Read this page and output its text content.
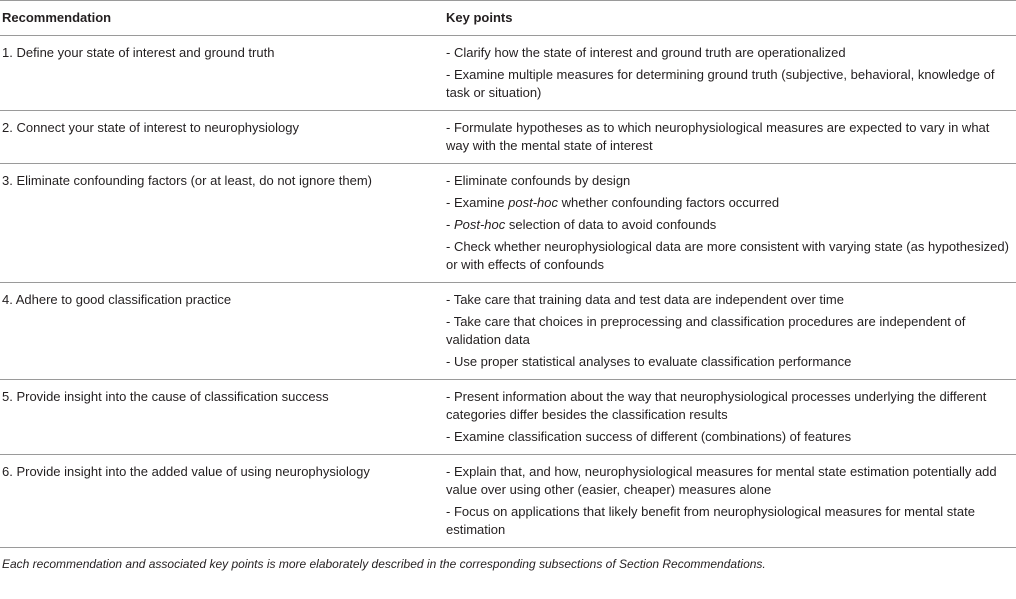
Recommendation	Key points
1. Define your state of interest and ground truth	- Clarify how the state of interest and ground truth are operationalized
- Examine multiple measures for determining ground truth (subjective, behavioral, knowledge of task or situation)

2. Connect your state of interest to neurophysiology	- Formulate hypotheses as to which neurophysiological measures are expected to vary in what way with the mental state of interest

3. Eliminate confounding factors (or at least, do not ignore them)	- Eliminate confounds by design
- Examine post-hoc whether confounding factors occurred
- Post-hoc selection of data to avoid confounds
- Check whether neurophysiological data are more consistent with varying state (as hypothesized) or with effects of confounds

4. Adhere to good classification practice	- Take care that training data and test data are independent over time
- Take care that choices in preprocessing and classification procedures are independent of validation data
- Use proper statistical analyses to evaluate classification performance

5. Provide insight into the cause of classification success	- Present information about the way that neurophysiological processes underlying the different categories differ besides the classification results
- Examine classification success of different (combinations) of features

6. Provide insight into the added value of using neurophysiology	- Explain that, and how, neurophysiological measures for mental state estimation potentially add value over using other (easier, cheaper) measures alone
- Focus on applications that likely benefit from neurophysiological measures for mental state estimation
Each recommendation and associated key points is more elaborately described in the corresponding subsections of Section Recommendations.
